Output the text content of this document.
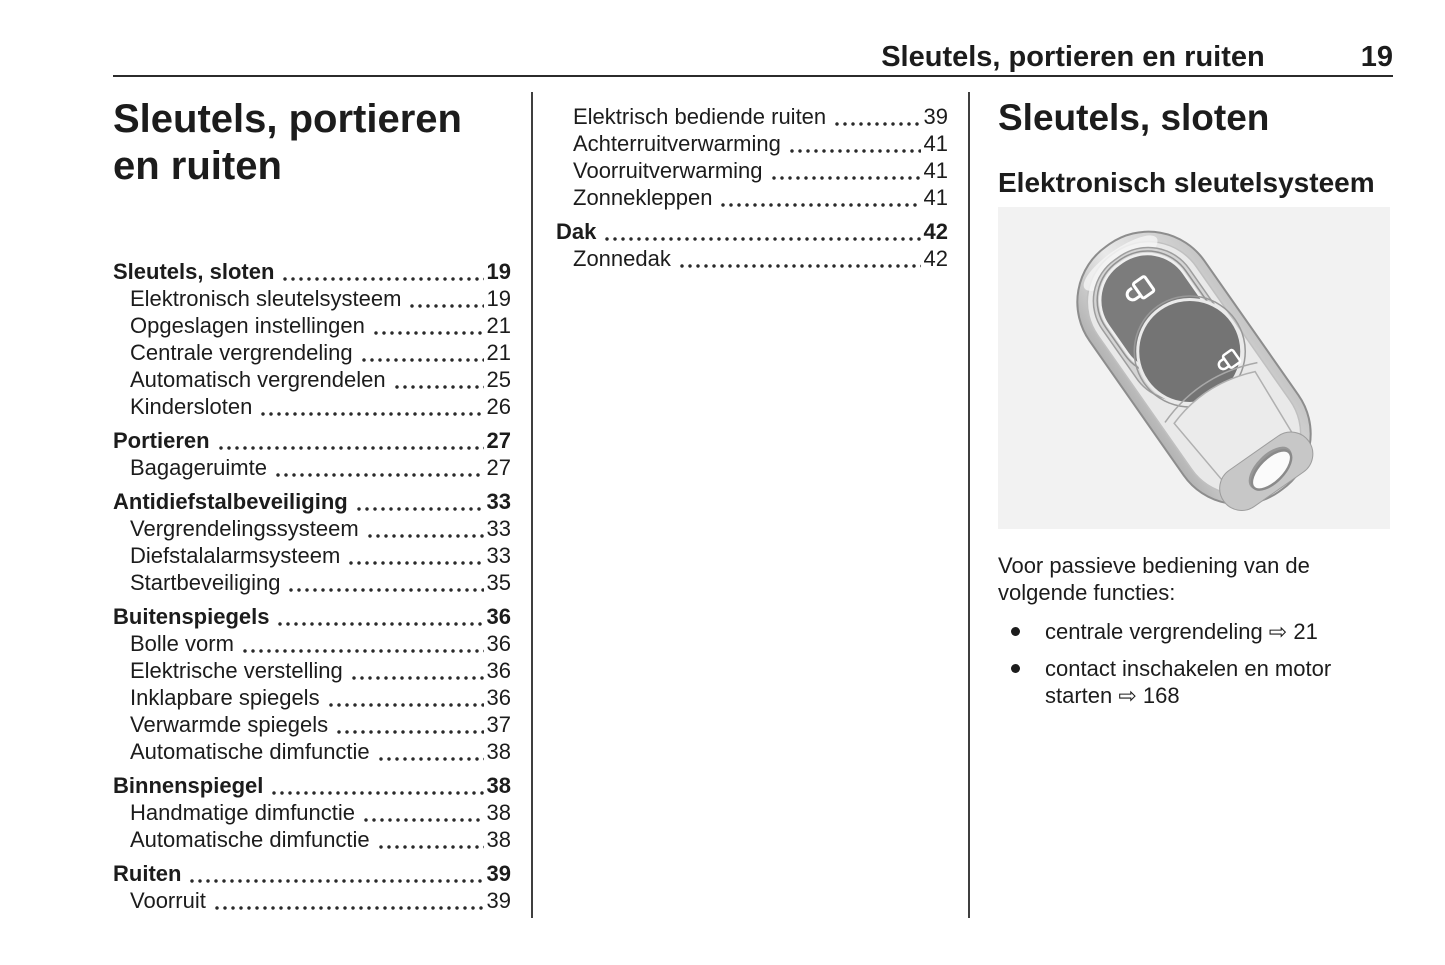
Sleutels, portieren en ruiten	19
Sleutels, portieren en ruiten
Sleutels, sloten	19
Elektronisch sleutelsysteem	19
Opgeslagen instellingen	21
Centrale vergrendeling	21
Automatisch vergrendelen	25
Kindersloten	26
Portieren	27
Bagageruimte	27
Antidiefstalbeveiliging	33
Vergrendelingssysteem	33
Diefstalalarmsysteem	33
Startbeveiliging	35
Buitenspiegels	36
Bolle vorm	36
Elektrische verstelling	36
Inklapbare spiegels	36
Verwarmde spiegels	37
Automatische dimfunctie	38
Binnenspiegel	38
Handmatige dimfunctie	38
Automatische dimfunctie	38
Ruiten	39
Voorruit	39
Elektrisch bediende ruiten	39
Achterruitverwarming	41
Voorruitverwarming	41
Zonnekleppen	41
Dak	42
Zonnedak	42
Sleutels, sloten
Elektronisch sleutelsysteem

Voor passieve bediening van de volgende functies:

centrale vergrendeling ⇨ 21
contact inschakelen en motor starten ⇨ 168
